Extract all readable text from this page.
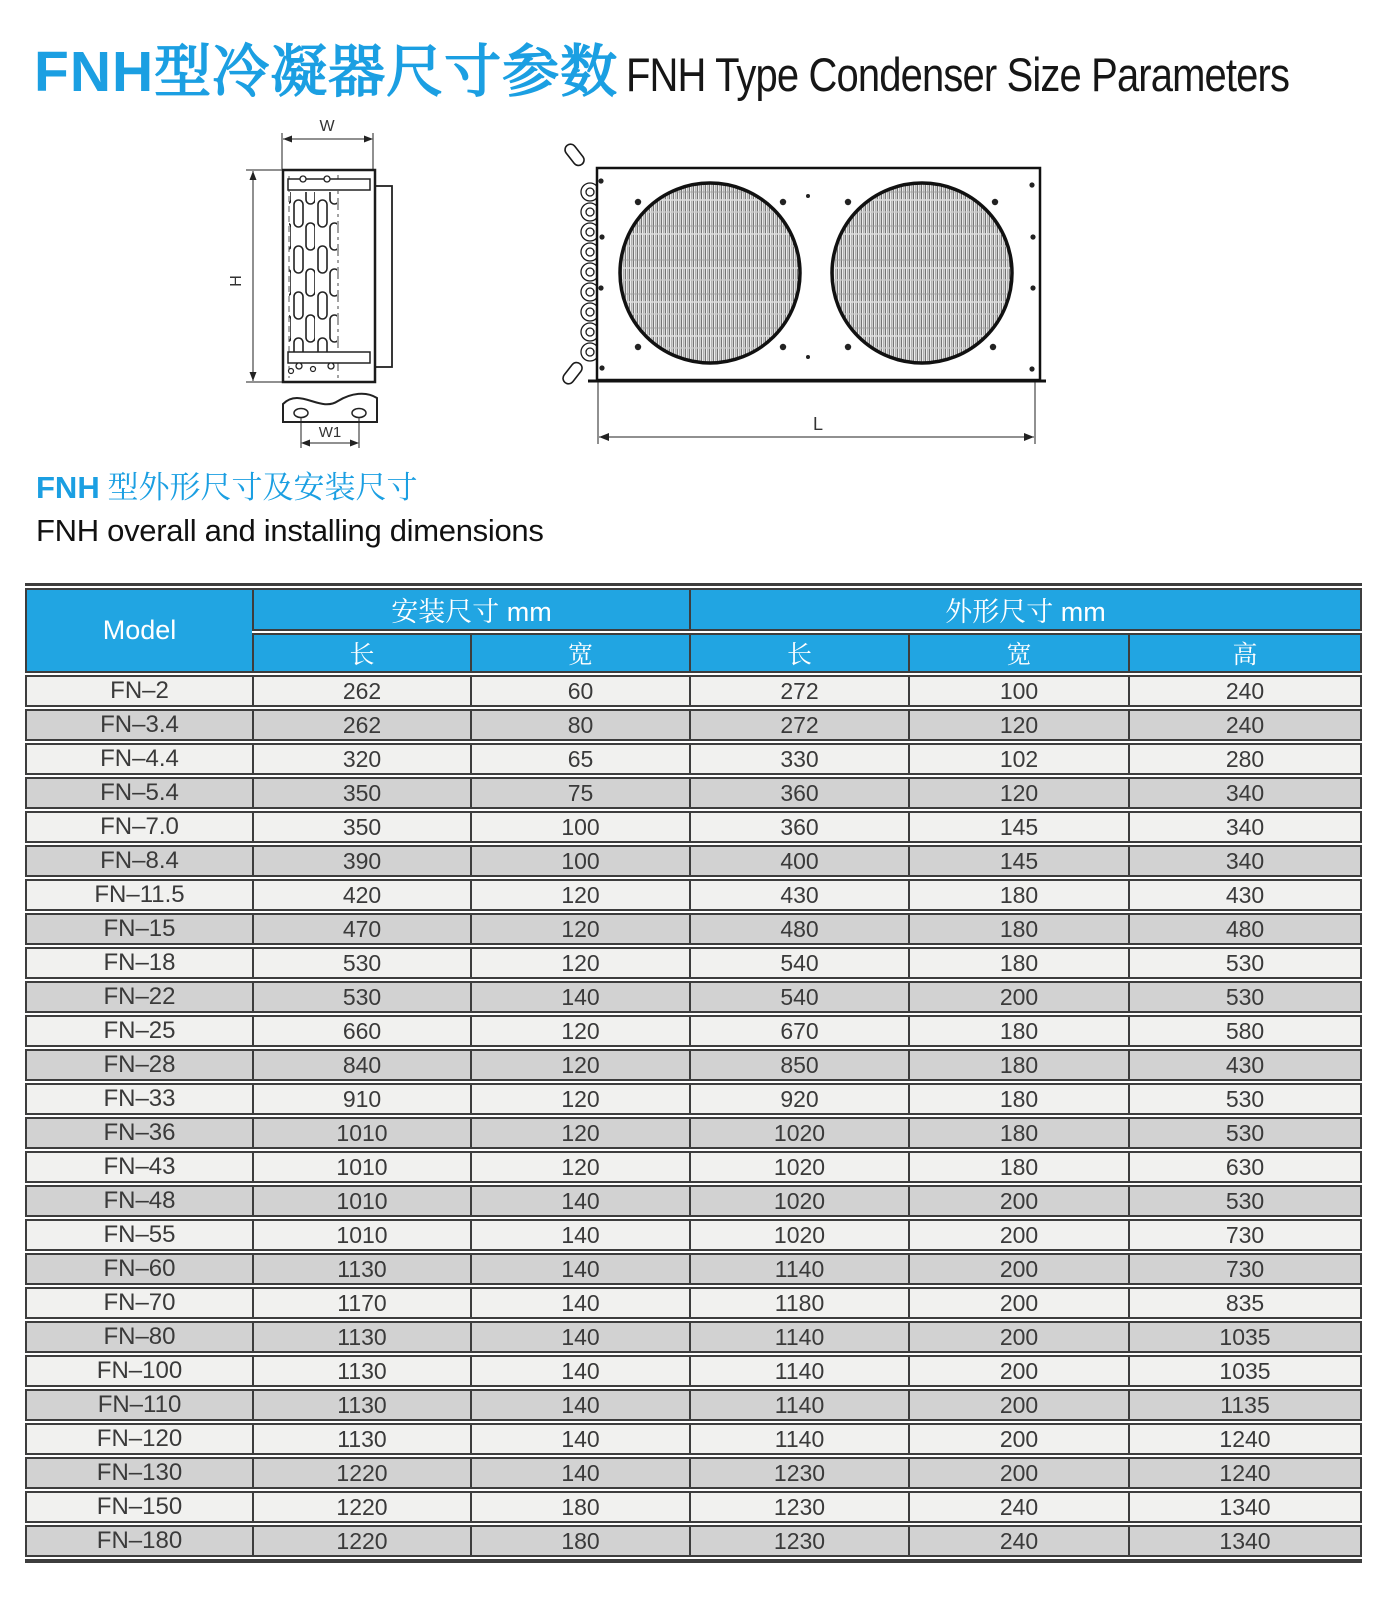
FNH型冷凝器尺寸参数 FNH Type Condenser Size Parameters
W
H
W1	L
FNH 型外形尺寸及安装尺寸
FNH overall and installing dimensions
Model	安装尺寸 mm		外形尺寸 mm		
	长	宽	长	宽	高
FN–2	262	60	272	100	240
FN–3.4	262	80	272	120	240
FN–4.4	320	65	330	102	280
FN–5.4	350	75	360	120	340
FN–7.0	350	100	360	145	340
FN–8.4	390	100	400	145	340
FN–11.5	420	120	430	180	430
FN–15	470	120	480	180	480
FN–18	530	120	540	180	530
FN–22	530	140	540	200	530
FN–25	660	120	670	180	580
FN–28	840	120	850	180	430
FN–33	910	120	920	180	530
FN–36	1010	120	1020	180	530
FN–43	1010	120	1020	180	630
FN–48	1010	140	1020	200	530
FN–55	1010	140	1020	200	730
FN–60	1130	140	1140	200	730
FN–70	1170	140	1180	200	835
FN–80	1130	140	1140	200	1035
FN–100	1130	140	1140	200	1035
FN–110	1130	140	1140	200	1135
FN–120	1130	140	1140	200	1240
FN–130	1220	140	1230	200	1240
FN–150	1220	180	1230	240	1340
FN–180	1220	180	1230	240	1340
